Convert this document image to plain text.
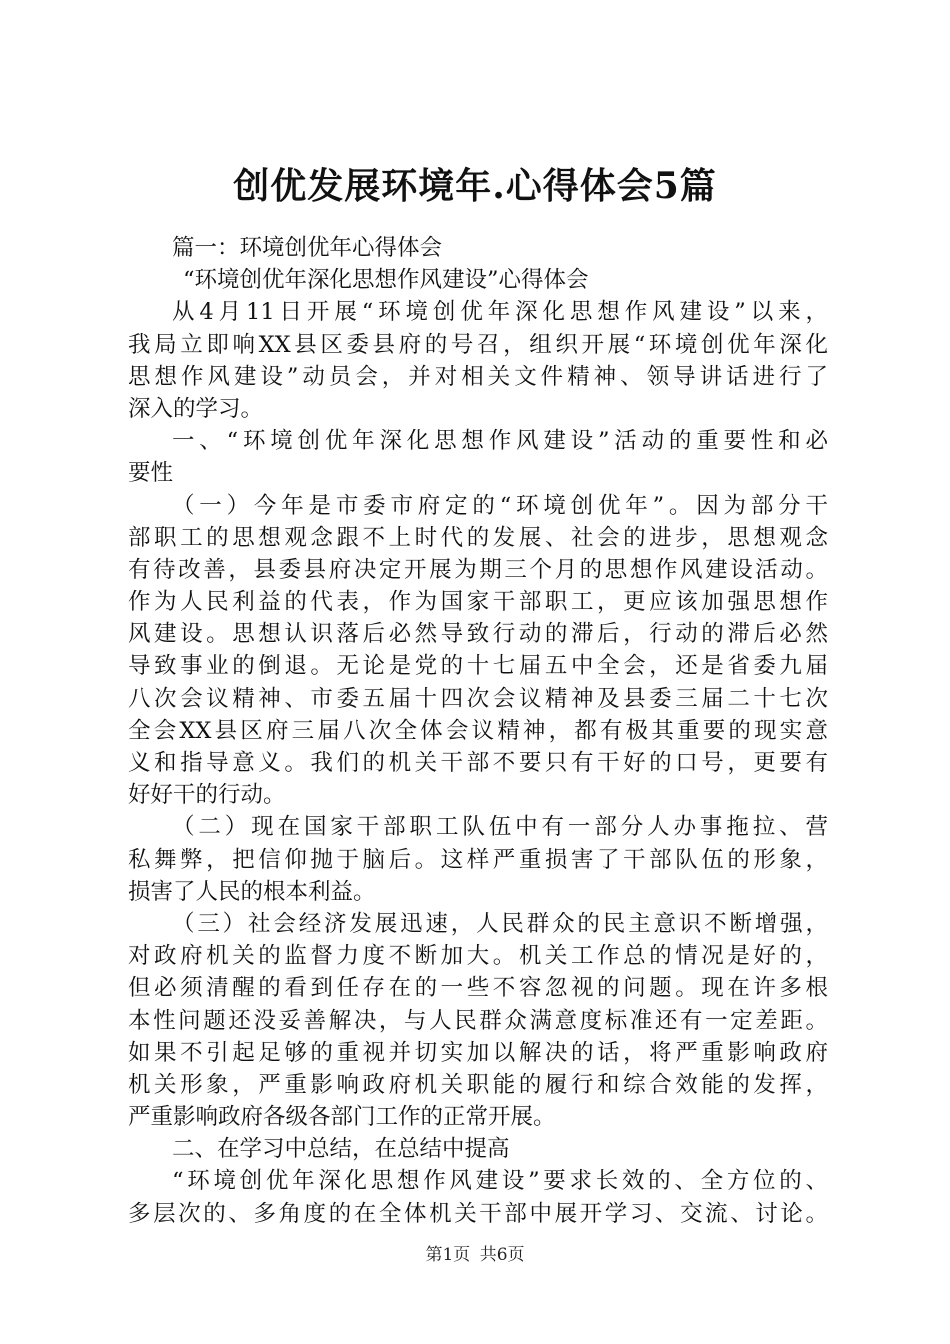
创优发展环境年.心得体会5篇
篇一：环境创优年心得体会
“环境创优年深化思想作风建设”心得体会
从4月11日开展“环境创优年深化思想作风建设”以来，
我局立即响XX县区委县府的号召，组织开展“环境创优年深化
思想作风建设”动员会，并对相关文件精神、领导讲话进行了
深入的学习。
一、“环境创优年深化思想作风建设”活动的重要性和必
要性
（一）今年是市委市府定的“环境创优年”。因为部分干
部职工的思想观念跟不上时代的发展、社会的进步，思想观念
有待改善，县委县府决定开展为期三个月的思想作风建设活动。
作为人民利益的代表，作为国家干部职工，更应该加强思想作
风建设。思想认识落后必然导致行动的滞后，行动的滞后必然
导致事业的倒退。无论是党的十七届五中全会，还是省委九届
八次会议精神、市委五届十四次会议精神及县委三届二十七次
全会XX县区府三届八次全体会议精神，都有极其重要的现实意
义和指导意义。我们的机关干部不要只有干好的口号，更要有
好好干的行动。
（二）现在国家干部职工队伍中有一部分人办事拖拉、营
私舞弊，把信仰抛于脑后。这样严重损害了干部队伍的形象，
损害了人民的根本利益。
（三）社会经济发展迅速，人民群众的民主意识不断增强，
对政府机关的监督力度不断加大。机关工作总的情况是好的，
但必须清醒的看到任存在的一些不容忽视的问题。现在许多根
本性问题还没妥善解决，与人民群众满意度标准还有一定差距。
如果不引起足够的重视并切实加以解决的话，将严重影响政府
机关形象，严重影响政府机关职能的履行和综合效能的发挥，
严重影响政府各级各部门工作的正常开展。
二、在学习中总结，在总结中提高
“环境创优年深化思想作风建设”要求长效的、全方位的、
多层次的、多角度的在全体机关干部中展开学习、交流、讨论。
第1页 共6页
